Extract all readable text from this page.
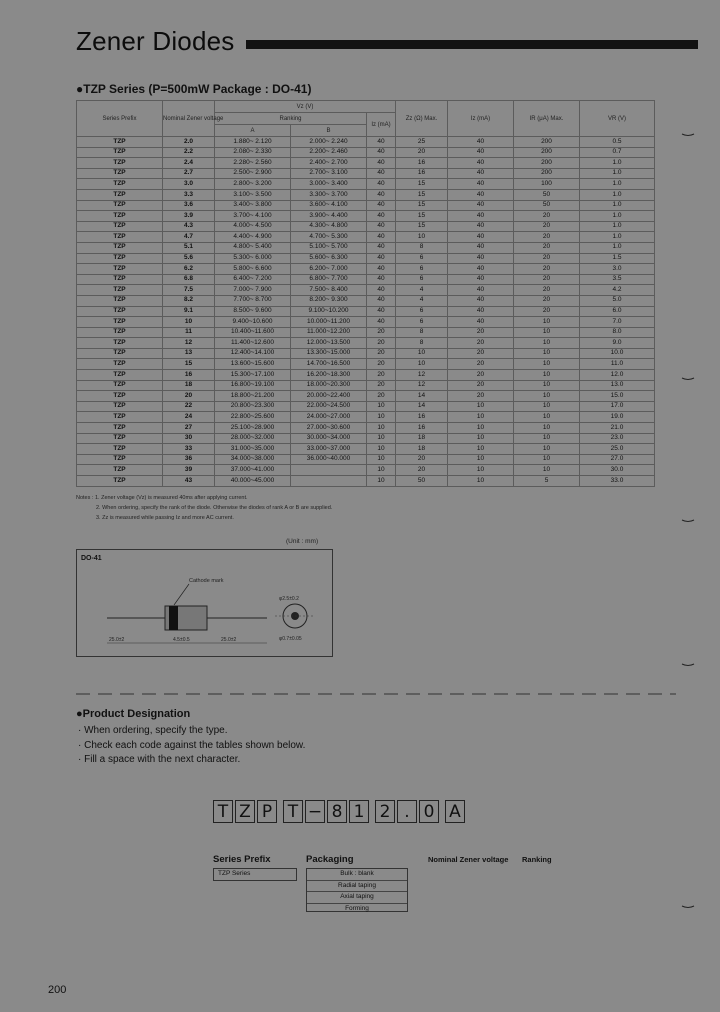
Zener Diodes
●TZP Series (P=500mW Package : DO-41)
Series Prefix	Nominal Zener voltage	Vz (V)			Zz (Ω) Max.	Iz (mA)	IR (μA) Max.	VR (V)
		Ranking		Iz (mA)				
		A	B					
TZP	2.0	1.880~ 2.120	2.000~ 2.240	40	25	40	200	0.5
TZP	2.2	2.080~ 2.330	2.200~ 2.460	40	20	40	200	0.7
TZP	2.4	2.280~ 2.560	2.400~ 2.700	40	16	40	200	1.0
TZP	2.7	2.500~ 2.900	2.700~ 3.100	40	16	40	200	1.0
TZP	3.0	2.800~ 3.200	3.000~ 3.400	40	15	40	100	1.0
TZP	3.3	3.100~ 3.500	3.300~ 3.700	40	15	40	50	1.0
TZP	3.6	3.400~ 3.800	3.600~ 4.100	40	15	40	50	1.0
TZP	3.9	3.700~ 4.100	3.900~ 4.400	40	15	40	20	1.0
TZP	4.3	4.000~ 4.500	4.300~ 4.800	40	15	40	20	1.0
TZP	4.7	4.400~ 4.900	4.700~ 5.300	40	10	40	20	1.0
TZP	5.1	4.800~ 5.400	5.100~ 5.700	40	8	40	20	1.0
TZP	5.6	5.300~ 6.000	5.600~ 6.300	40	6	40	20	1.5
TZP	6.2	5.800~ 6.600	6.200~ 7.000	40	6	40	20	3.0
TZP	6.8	6.400~ 7.200	6.800~ 7.700	40	6	40	20	3.5
TZP	7.5	7.000~ 7.900	7.500~ 8.400	40	4	40	20	4.2
TZP	8.2	7.700~ 8.700	8.200~ 9.300	40	4	40	20	5.0
TZP	9.1	8.500~ 9.600	9.100~10.200	40	6	40	20	6.0
TZP	10	9.400~10.600	10.000~11.200	40	6	40	10	7.0
TZP	11	10.400~11.600	11.000~12.200	20	8	20	10	8.0
TZP	12	11.400~12.600	12.000~13.500	20	8	20	10	9.0
TZP	13	12.400~14.100	13.300~15.000	20	10	20	10	10.0
TZP	15	13.600~15.600	14.700~16.500	20	10	20	10	11.0
TZP	16	15.300~17.100	16.200~18.300	20	12	20	10	12.0
TZP	18	16.800~19.100	18.000~20.300	20	12	20	10	13.0
TZP	20	18.800~21.200	20.000~22.400	20	14	20	10	15.0
TZP	22	20.800~23.300	22.000~24.500	10	14	10	10	17.0
TZP	24	22.800~25.600	24.000~27.000	10	16	10	10	19.0
TZP	27	25.100~28.900	27.000~30.600	10	16	10	10	21.0
TZP	30	28.000~32.000	30.000~34.000	10	18	10	10	23.0
TZP	33	31.000~35.000	33.000~37.000	10	18	10	10	25.0
TZP	36	34.000~38.000	36.000~40.000	10	20	10	10	27.0
TZP	39	37.000~41.000		10	20	10	10	30.0
TZP	43	40.000~45.000		10	50	10	5	33.0
Notes : 1. Zener voltage (Vz) is measured 40ms after applying current.
2. When ordering, specify the rank of the diode. Otherwise the diodes of rank A or B are supplied.
3. Zz is measured while passing Iz and more AC current.
(Unit : mm)
DO-41
Cathode mark
25.0±2	4.5±0.5	25.0±2
φ2.5±0.2
φ0.7±0.05
●Product Designation
· When ordering, specify the type.
· Check each code against the tables shown below.
· Fill a space with the next character.
T Z P T − 8 1 2 . 0 A
Series Prefix
TZP Series
Packaging
Bulk : blank
Radial taping
Axial taping
Forming
Nominal Zener voltage Ranking
200
